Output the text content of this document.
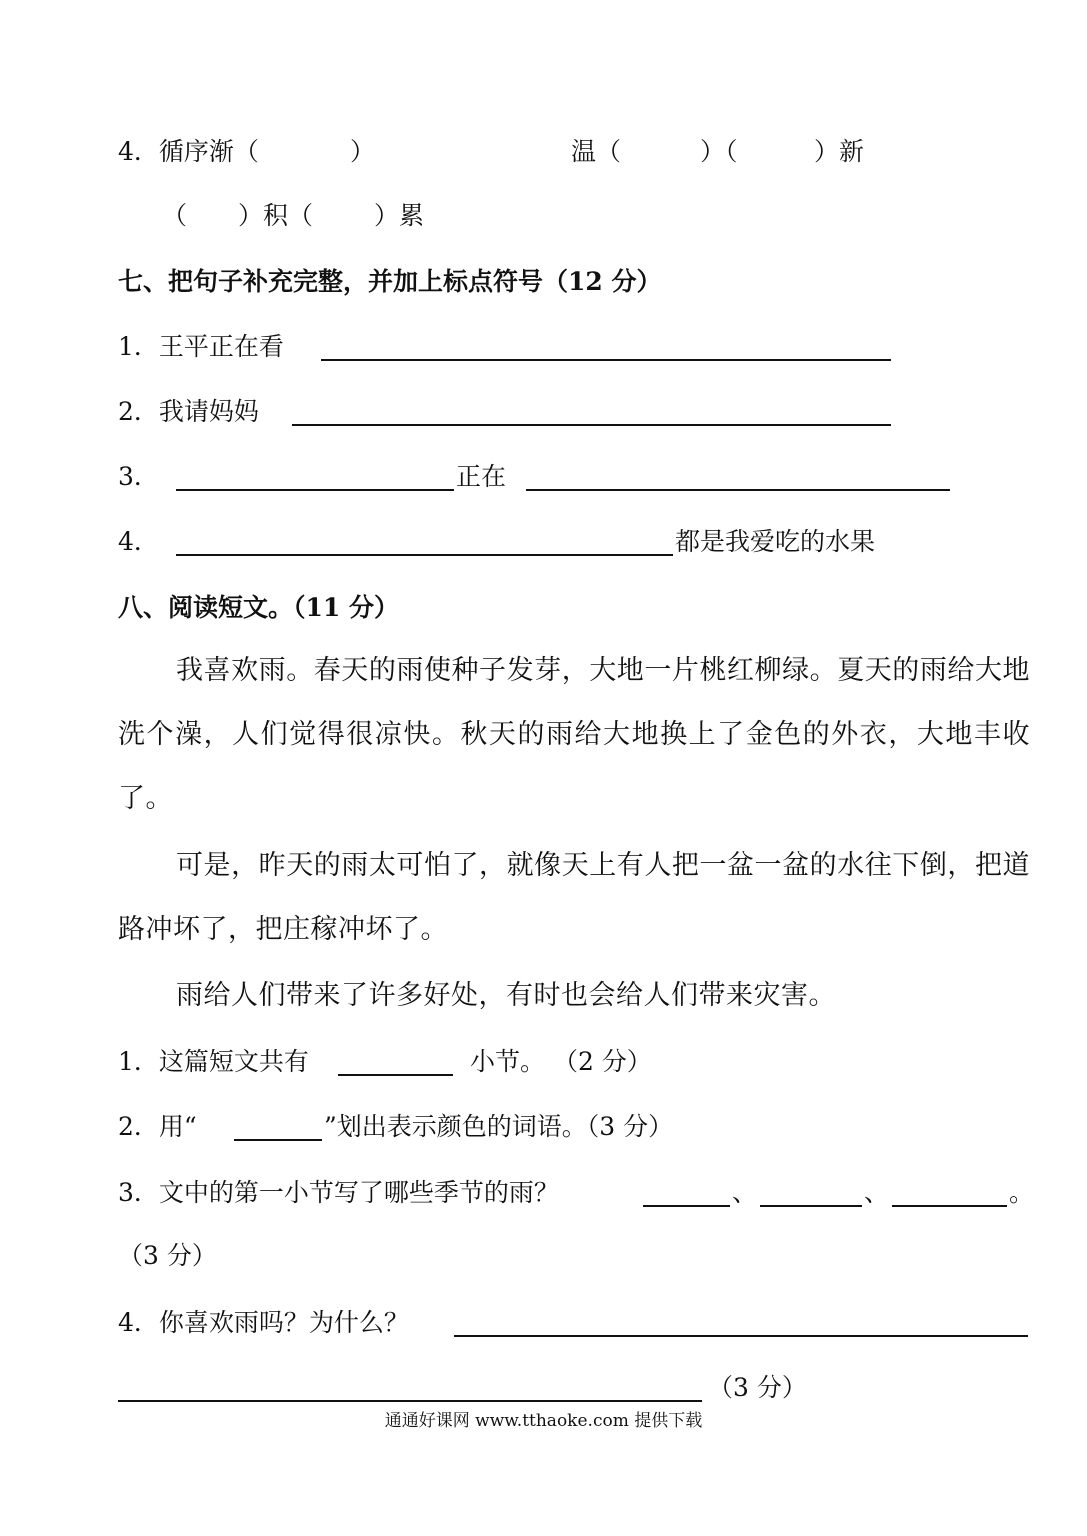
4．循序渐（	）	温（	）（	）新
（ ）积（ ）累
七、把句子补充完整，并加上标点符号（12 分）
1．王平正在看
2．我请妈妈
3．	正在
4．	都是我爱吃的水果
八、阅读短文。（11 分）
我喜欢雨。春天的雨使种子发芽，大地一片桃红柳绿。夏天的雨给大地洗个澡，人们觉得很凉快。秋天的雨给大地换上了金色的外衣，大地丰收了。
可是，昨天的雨太可怕了，就像天上有人把一盆一盆的水往下倒，把道路冲坏了，把庄稼冲坏了。
雨给人们带来了许多好处，有时也会给人们带来灾害。
1．这篇短文共有	小节。 （2 分）
2．用“	”划出表示颜色的词语。（3 分）
3．文中的第一小节写了哪些季节的雨？	、	、	。
（3 分）
4．你喜欢雨吗？为什么？
（3 分）
通通好课网 www.tthaoke.com 提供下载
